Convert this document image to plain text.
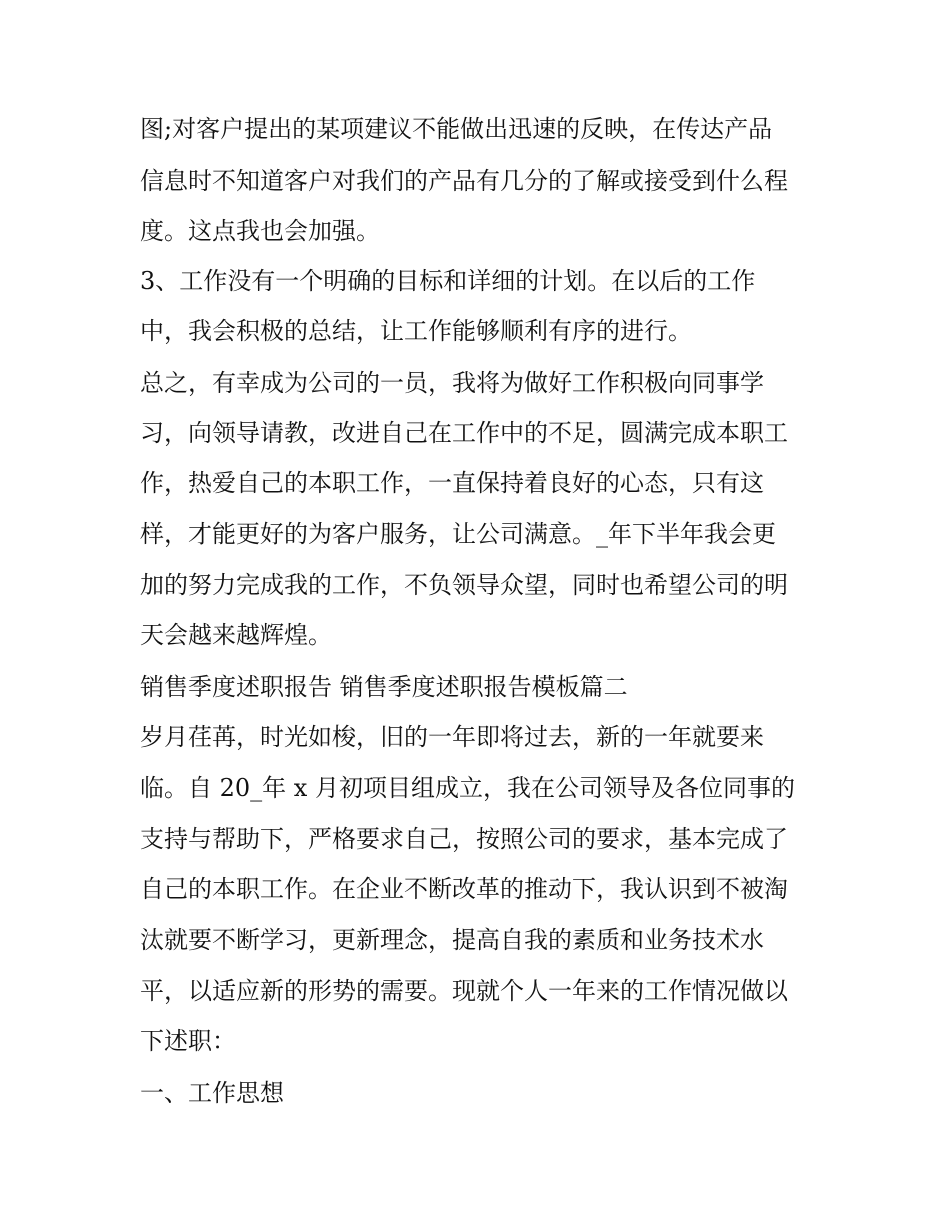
图;对客户提出的某项建议不能做出迅速的反映，在传达产品

信息时不知道客户对我们的产品有几分的了解或接受到什么程

度。这点我也会加强。

3、工作没有一个明确的目标和详细的计划。在以后的工作

中，我会积极的总结，让工作能够顺利有序的进行。

总之，有幸成为公司的一员，我将为做好工作积极向同事学

习，向领导请教，改进自己在工作中的不足，圆满完成本职工

作，热爱自己的本职工作，一直保持着良好的心态，只有这

样，才能更好的为客户服务，让公司满意。_年下半年我会更

加的努力完成我的工作，不负领导众望，同时也希望公司的明

天会越来越辉煌。

销售季度述职报告 销售季度述职报告模板篇二

岁月荏苒，时光如梭，旧的一年即将过去，新的一年就要来

临。自 20_年 x 月初项目组成立，我在公司领导及各位同事的

支持与帮助下，严格要求自己，按照公司的要求，基本完成了

自己的本职工作。在企业不断改革的推动下，我认识到不被淘

汰就要不断学习，更新理念，提高自我的素质和业务技术水

平，以适应新的形势的需要。现就个人一年来的工作情况做以

下述职：

一、工作思想
